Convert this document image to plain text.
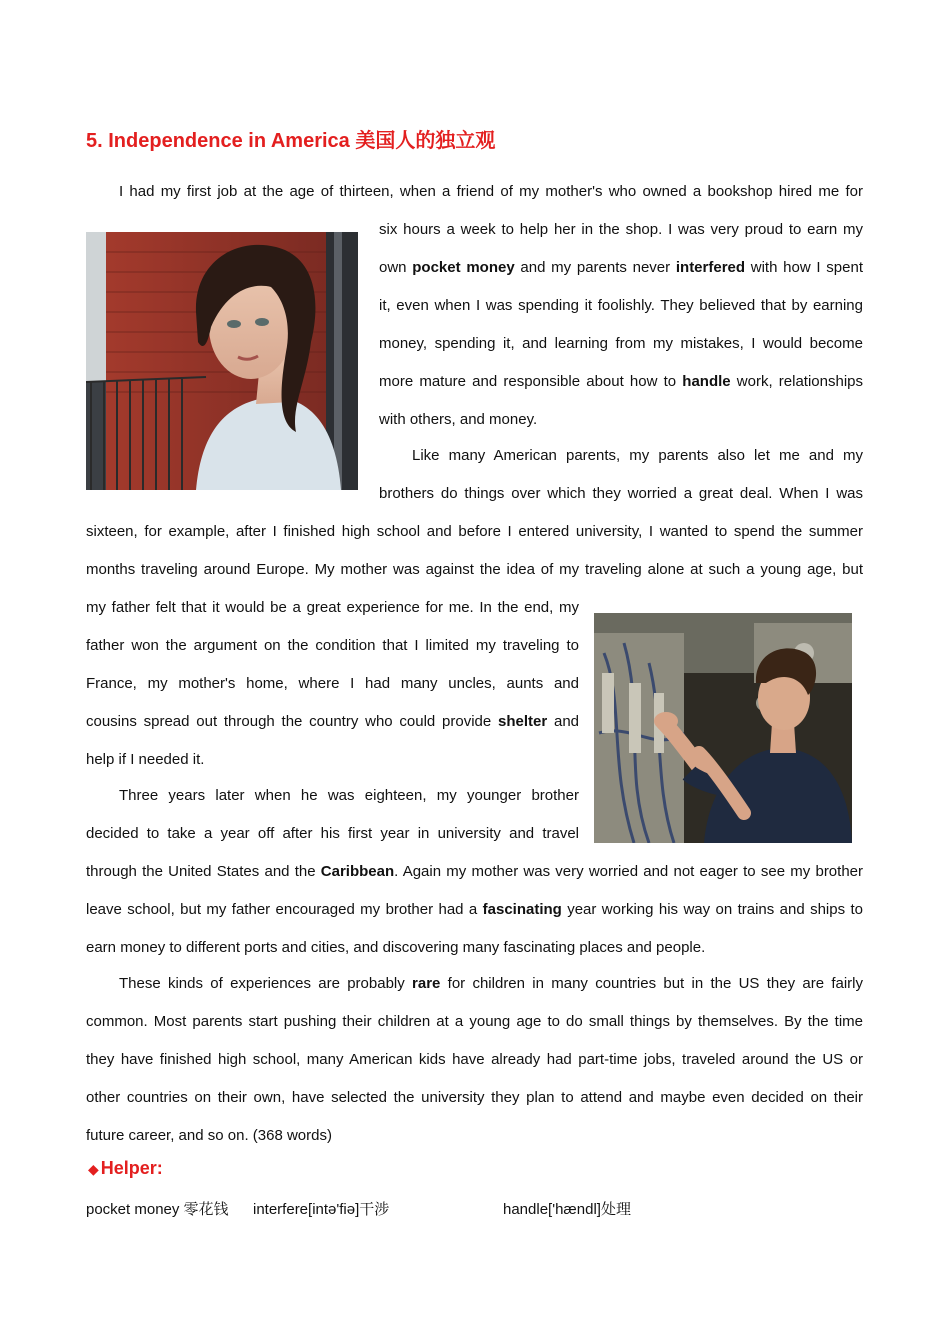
5. Independence in America 美国人的独立观
I had my first job at the age of thirteen, when a friend of my mother's who owned a bookshop hired me for
six hours a week to help her in the shop. I was very proud to earn my
own pocket money and my parents never interfered with how I spent
it, even when I was spending it foolishly. They believed that by earning
money, spending it, and learning from my mistakes, I would become
more mature and responsible about how to handle work, relationships
with others, and money.
Like many American parents, my parents also let me and my
brothers do things over which they worried a great deal. When I was
sixteen, for example, after I finished high school and before I entered university, I wanted to spend the summer
months traveling around Europe. My mother was against the idea of my traveling alone at such a young age, but
my father felt that it would be a great experience for me. In the end, my
father won the argument on the condition that I limited my traveling to
France, my mother's home, where I had many uncles, aunts and
cousins spread out through the country who could provide shelter and
help if I needed it.
Three years later when he was eighteen, my younger brother
decided to take a year off after his first year in university and travel
through the United States and the Caribbean. Again my mother was very worried and not eager to see my brother
leave school, but my father encouraged my brother had a fascinating year working his way on trains and ships to
earn money to different ports and cities, and discovering many fascinating places and people.
These kinds of experiences are probably rare for children in many countries but in the US they are fairly
common. Most parents start pushing their children at a young age to do small things by themselves. By the time
they have finished high school, many American kids have already had part-time jobs, traveled around the US or
other countries on their own, have selected the university they plan to attend and maybe even decided on their
future career, and so on. (368 words)
◆ Helper:
pocket money 零花钱 interfere[intə'fiə]干涉	handle['hændl]处理
